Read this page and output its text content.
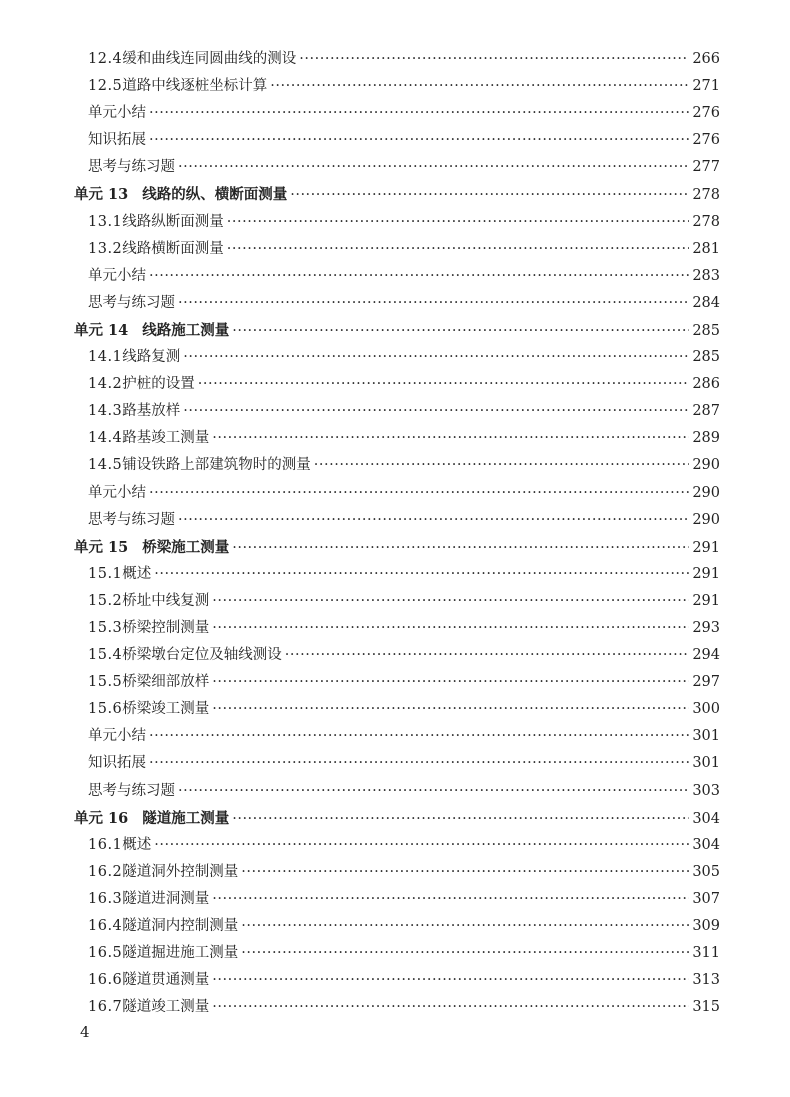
12.4 缓和曲线连同圆曲线的测设 ·····	266
12.5 道路中线逐桩坐标计算 ·····	271
单元小结 ·····	276
知识拓展 ·····	276
思考与练习题 ·····	277
单元 13 线路的纵、横断面测量 ·····	278
13.1 线路纵断面测量 ·····	278
13.2 线路横断面测量 ·····	281
单元小结 ·····	283
思考与练习题 ·····	284
单元 14 线路施工测量 ·····	285
14.1 线路复测 ·····	285
14.2 护桩的设置 ·····	286
14.3 路基放样 ·····	287
14.4 路基竣工测量 ·····	289
14.5 铺设铁路上部建筑物时的测量 ·····	290
单元小结 ·····	290
思考与练习题 ·····	290
单元 15 桥梁施工测量 ·····	291
15.1 概述 ·····	291
15.2 桥址中线复测 ·····	291
15.3 桥梁控制测量 ·····	293
15.4 桥梁墩台定位及轴线测设 ·····	294
15.5 桥梁细部放样 ·····	297
15.6 桥梁竣工测量 ·····	300
单元小结 ·····	301
知识拓展 ·····	301
思考与练习题 ·····	303
单元 16 隧道施工测量 ·····	304
16.1 概述 ·····	304
16.2 隧道洞外控制测量 ·····	305
16.3 隧道进洞测量 ·····	307
16.4 隧道洞内控制测量 ·····	309
16.5 隧道掘进施工测量 ·····	311
16.6 隧道贯通测量 ·····	313
16.7 隧道竣工测量 ·····	315
4
